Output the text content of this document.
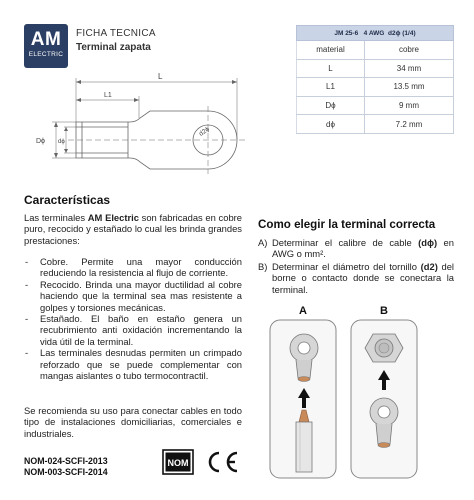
AM
ELECTRIC
FICHA TECNICA
Terminal zapata
JM 25-6 4 AWG d2ϕ (1/4)	
material	cobre
L	34 mm
L1	13.5 mm
Dϕ	9 mm
dϕ	7.2 mm
L
L1
Dϕ dϕ
d2ϕ
Características

Las terminales AM Electric son fabricadas en cobre puro, recocido y estañado lo cual les brinda grandes prestaciones:

- Cobre. Permite una mayor conducción reduciendo la resistencia al flujo de corriente.
- Recocido. Brinda una mayor ductilidad al cobre haciendo que la terminal sea mas resistente a golpes y torsiones mecánicas.
- Estañado. El baño en estaño genera un recubrimiento anti oxidación incrementando la vida útil de la terminal.
- Las terminales desnudas permiten un crimpado reforzado que se puede complementar con mangas aislantes o tubo termocontractil.

Se recomienda su uso para conectar cables en todo tipo de instalaciones domiciliarias, comerciales e industriales.

NOM-024-SCFI-2013
NOM-003-SCFI-2014
NOM
CE
Como elegir la terminal correcta
A) Determinar el calibre de cable (dϕ) en AWG o mm².
B) Determinar el diámetro del tornillo (d2) del borne o contacto donde se conectara la terminal.
A	B
